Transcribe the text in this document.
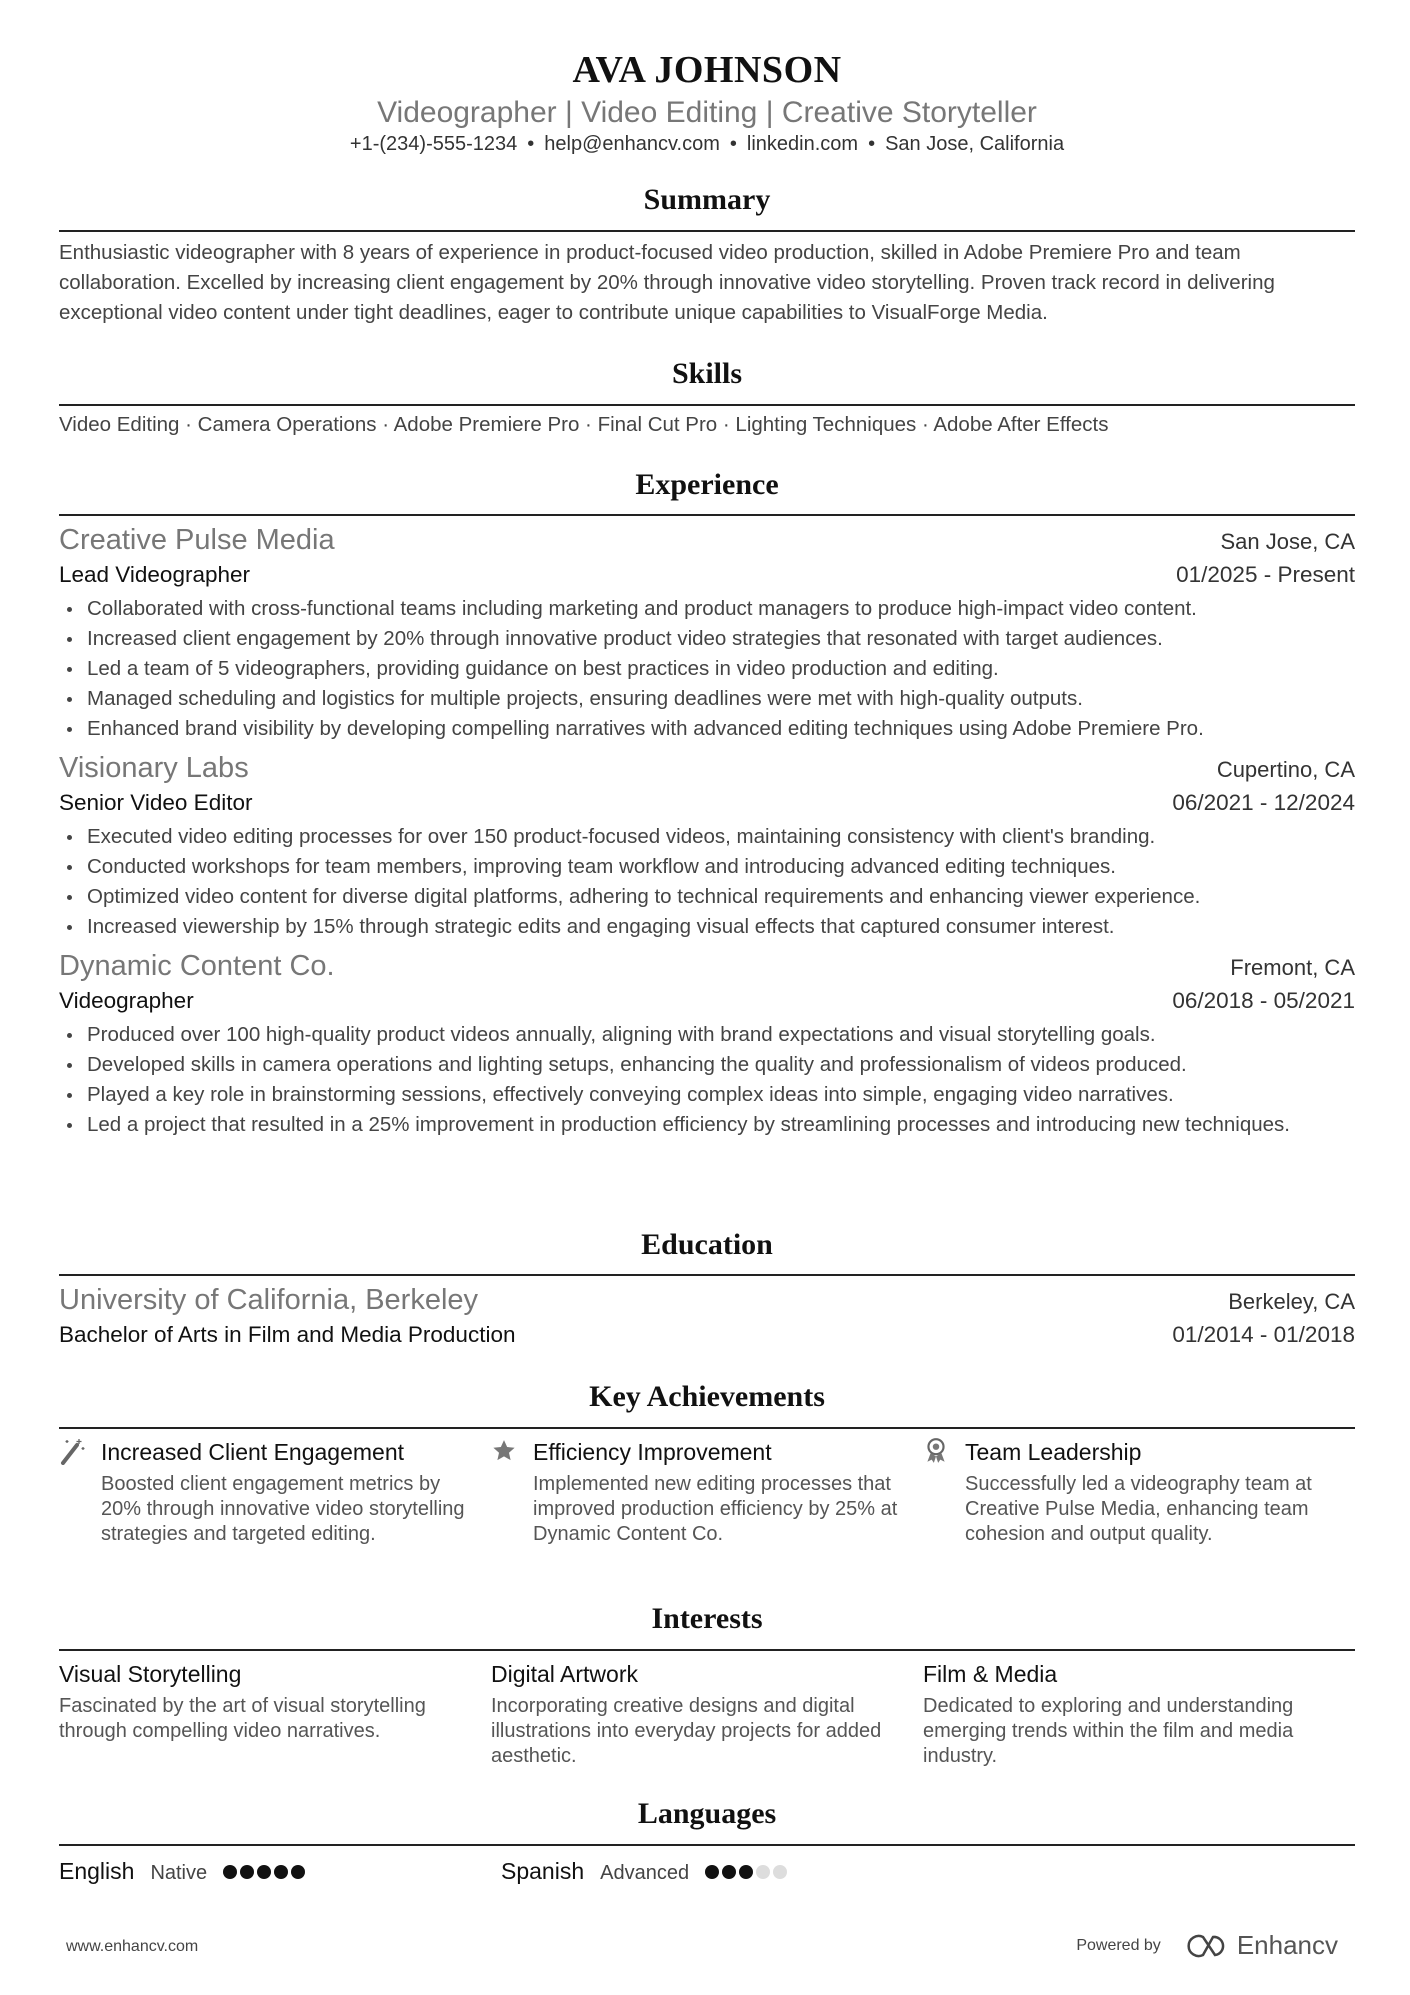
AVA JOHNSON
Videographer | Video Editing | Creative Storyteller
+1-(234)-555-1234 • help@enhancv.com • linkedin.com • San Jose, California
Summary
Enthusiastic videographer with 8 years of experience in product-focused video production, skilled in Adobe Premiere Pro and team collaboration. Excelled by increasing client engagement by 20% through innovative video storytelling. Proven track record in delivering exceptional video content under tight deadlines, eager to contribute unique capabilities to VisualForge Media.
Skills
Video Editing · Camera Operations · Adobe Premiere Pro · Final Cut Pro · Lighting Techniques · Adobe After Effects
Experience
Creative Pulse Media	San Jose, CA
Lead Videographer	01/2025 - Present
Collaborated with cross-functional teams including marketing and product managers to produce high-impact video content.
Increased client engagement by 20% through innovative product video strategies that resonated with target audiences.
Led a team of 5 videographers, providing guidance on best practices in video production and editing.
Managed scheduling and logistics for multiple projects, ensuring deadlines were met with high-quality outputs.
Enhanced brand visibility by developing compelling narratives with advanced editing techniques using Adobe Premiere Pro.
Visionary Labs	Cupertino, CA
Senior Video Editor	06/2021 - 12/2024
Executed video editing processes for over 150 product-focused videos, maintaining consistency with client's branding.
Conducted workshops for team members, improving team workflow and introducing advanced editing techniques.
Optimized video content for diverse digital platforms, adhering to technical requirements and enhancing viewer experience.
Increased viewership by 15% through strategic edits and engaging visual effects that captured consumer interest.
Dynamic Content Co.	Fremont, CA
Videographer	06/2018 - 05/2021
Produced over 100 high-quality product videos annually, aligning with brand expectations and visual storytelling goals.
Developed skills in camera operations and lighting setups, enhancing the quality and professionalism of videos produced.
Played a key role in brainstorming sessions, effectively conveying complex ideas into simple, engaging video narratives.
Led a project that resulted in a 25% improvement in production efficiency by streamlining processes and introducing new techniques.
Education
University of California, Berkeley	Berkeley, CA
Bachelor of Arts in Film and Media Production	01/2014 - 01/2018
Key Achievements
Increased Client Engagement
Boosted client engagement metrics by 20% through innovative video storytelling strategies and targeted editing.
Efficiency Improvement
Implemented new editing processes that improved production efficiency by 25% at Dynamic Content Co.
Team Leadership
Successfully led a videography team at Creative Pulse Media, enhancing team cohesion and output quality.
Interests
Visual Storytelling
Fascinated by the art of visual storytelling through compelling video narratives.
Digital Artwork
Incorporating creative designs and digital illustrations into everyday projects for added aesthetic.
Film & Media
Dedicated to exploring and understanding emerging trends within the film and media industry.
Languages
English Native	Spanish Advanced
www.enhancv.com	Powered by	Enhancv
